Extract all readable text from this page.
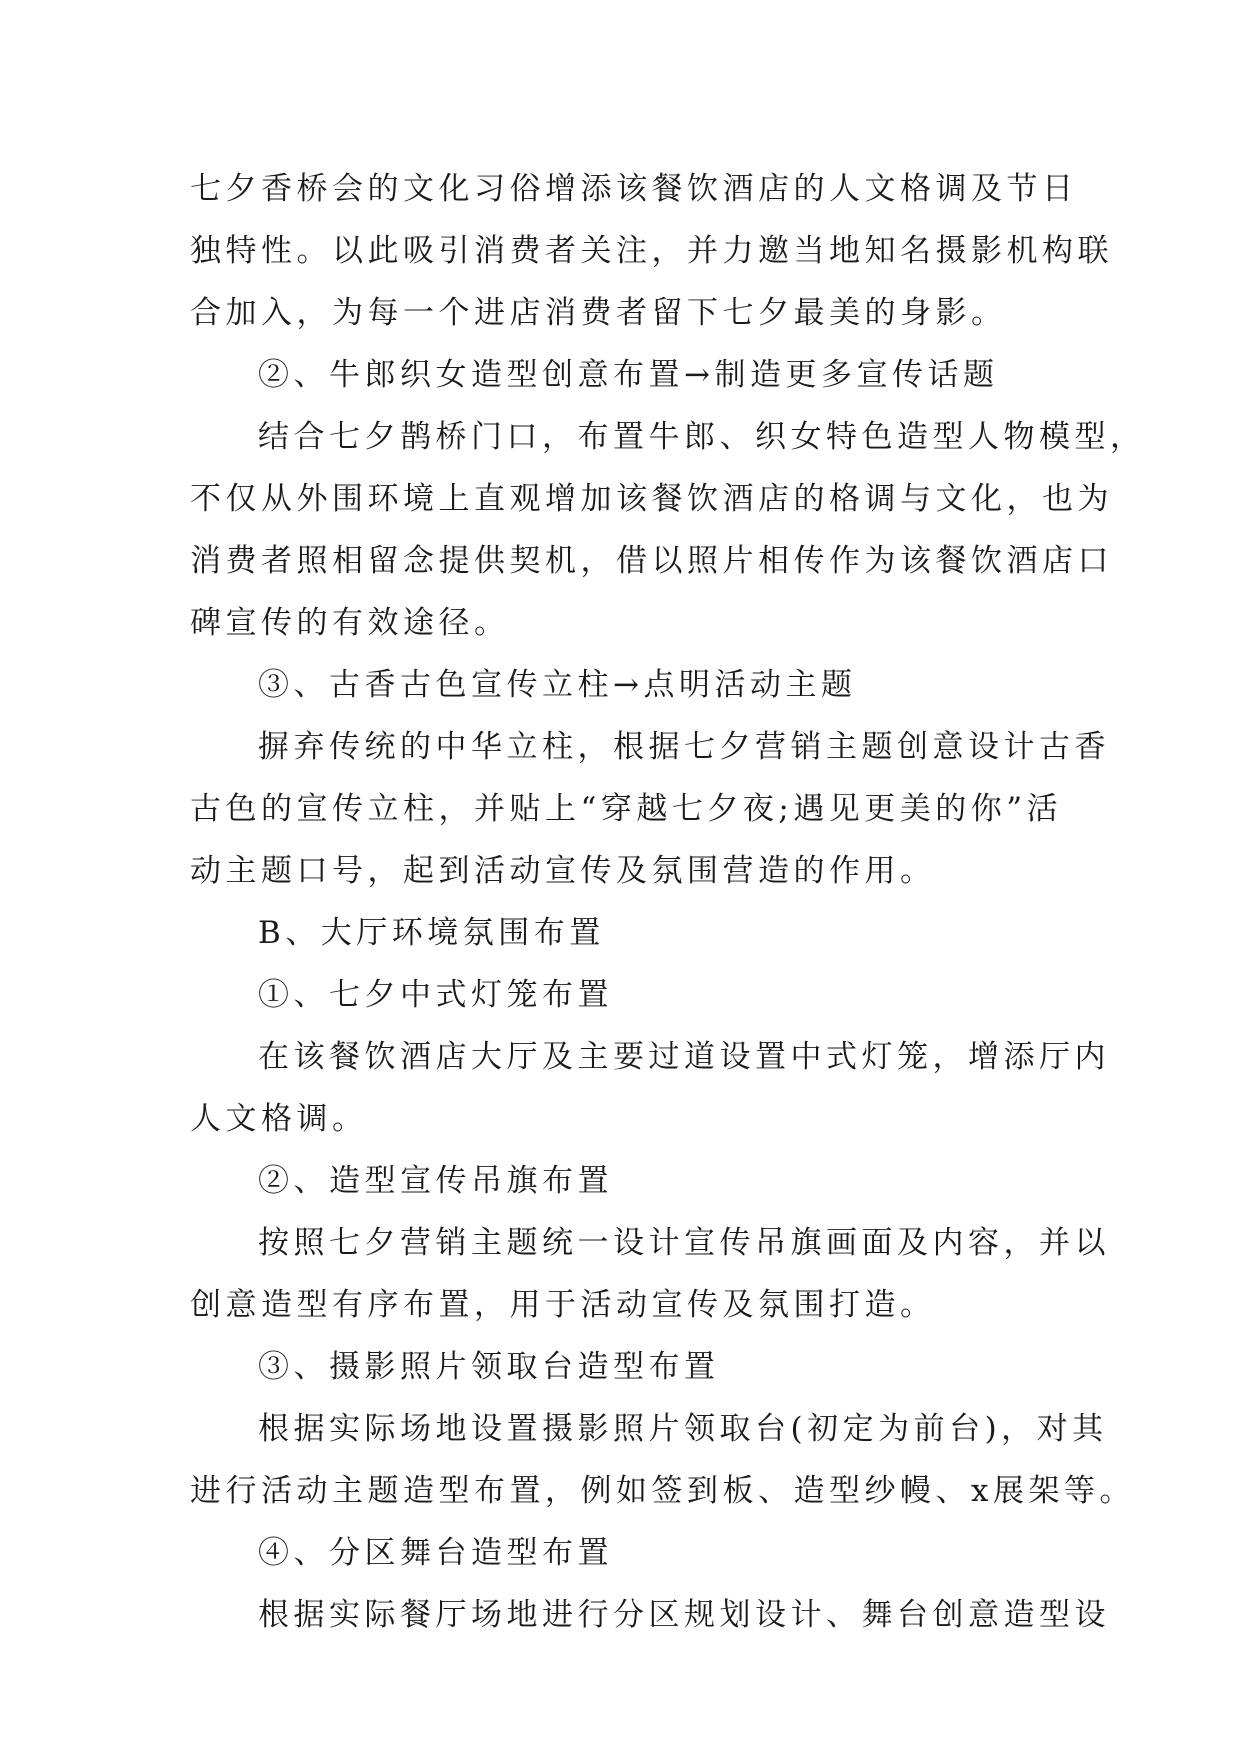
七夕香桥会的文化习俗增添该餐饮酒店的人文格调及节日
独特性。以此吸引消费者关注，并力邀当地知名摄影机构联
合加入，为每一个进店消费者留下七夕最美的身影。
②、牛郎织女造型创意布置→制造更多宣传话题
结合七夕鹊桥门口，布置牛郎、织女特色造型人物模型，
不仅从外围环境上直观增加该餐饮酒店的格调与文化，也为
消费者照相留念提供契机，借以照片相传作为该餐饮酒店口
碑宣传的有效途径。
③、古香古色宣传立柱→点明活动主题
摒弃传统的中华立柱，根据七夕营销主题创意设计古香
古色的宣传立柱，并贴上“穿越七夕夜;遇见更美的你”活
动主题口号，起到活动宣传及氛围营造的作用。
B、大厅环境氛围布置
①、七夕中式灯笼布置
在该餐饮酒店大厅及主要过道设置中式灯笼，增添厅内
人文格调。
②、造型宣传吊旗布置
按照七夕营销主题统一设计宣传吊旗画面及内容，并以
创意造型有序布置，用于活动宣传及氛围打造。
③、摄影照片领取台造型布置
根据实际场地设置摄影照片领取台(初定为前台)，对其
进行活动主题造型布置，例如签到板、造型纱幔、x展架等。
④、分区舞台造型布置
根据实际餐厅场地进行分区规划设计、舞台创意造型设
